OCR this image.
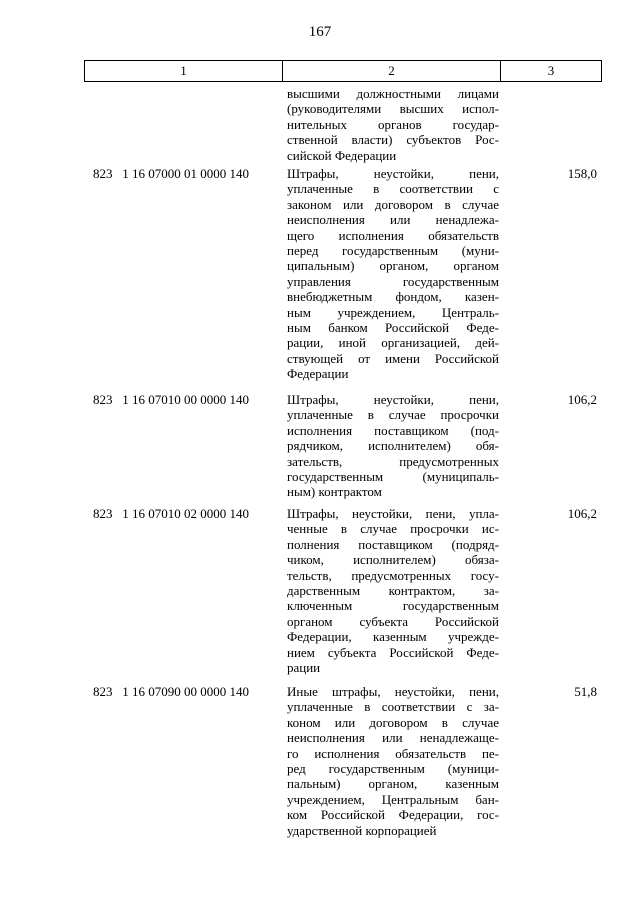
167
1	2	3
высшими должностными лицами
(руководителями высших испол-
нительных органов государ-
ственной власти) субъектов Рос-
сийской Федерации
823   1 16 07000 01 0000 140	Штрафы, неустойки, пени,
уплаченные в соответствии с
законом или договором в случае
неисполнения или ненадлежа-
щего исполнения обязательств
перед государственным (муни-
ципальным) органом, органом
управления государственным
внебюджетным фондом, казен-
ным учреждением, Централь-
ным банком Российской Феде-
рации, иной организацией, дей-
ствующей от имени Российской
Федерации
158,0
823   1 16 07010 00 0000 140	Штрафы, неустойки, пени,
уплаченные в случае просрочки
исполнения поставщиком (под-
рядчиком, исполнителем) обя-
зательств, предусмотренных
государственным (муниципаль-
ным) контрактом
106,2
823   1 16 07010 02 0000 140	Штрафы, неустойки, пени, упла-
ченные в случае просрочки ис-
полнения поставщиком (подряд-
чиком, исполнителем) обяза-
тельств, предусмотренных госу-
дарственным контрактом, за-
ключенным государственным
органом субъекта Российской
Федерации, казенным учрежде-
нием субъекта Российской Феде-
рации
106,2
823   1 16 07090 00 0000 140	Иные штрафы, неустойки, пени,
уплаченные в соответствии с за-
коном или договором в случае
неисполнения или ненадлежаще-
го исполнения обязательств пе-
ред государственным (муници-
пальным) органом, казенным
учреждением, Центральным бан-
ком Российской Федерации, гос-
ударственной корпорацией
51,8
